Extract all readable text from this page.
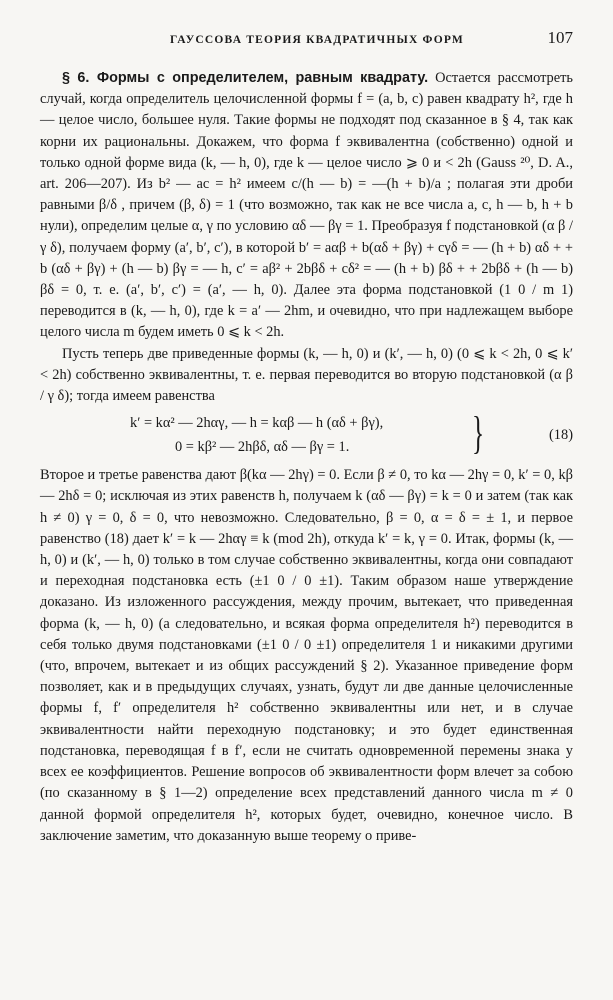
ГАУССОВА ТЕОРИЯ КВАДРАТИЧНЫХ ФОРМ	107

§ 6. Формы с определителем, равным квадрату. Остается рассмотреть случай, когда определитель целочисленной формы f = (a, b, c) равен квадрату h², где h — целое число, большее нуля. Такие формы не подходят под сказанное в § 4, так как корни их рациональны. Докажем, что форма f эквивалентна (собственно) одной и только одной форме вида (k, — h, 0), где k — целое число ⩾ 0 и < 2h (Gauss ²⁰, D. A., art. 206—207). Из b² — ac = h² имеем c/(h — b) = —(h + b)/a ; полагая эти дроби равными β/δ , причем (β, δ) = 1 (что возможно, так как не все числа a, c, h — b, h + b нули), определим целые α, γ по условию αδ — βγ = 1. Преобразуя f подстановкой (α β / γ δ), получаем форму (a′, b′, c′), в которой b′ = aαβ + b(αδ + βγ) + cγδ = — (h + b) αδ + + b (αδ + βγ) + (h — b) βγ = — h, c′ = aβ² + 2bβδ + cδ² = — (h + b) βδ + + 2bβδ + (h — b) βδ = 0, т. е. (a′, b′, c′) = (a′, — h, 0). Далее эта форма подстановкой (1 0 / m 1) переводится в (k, — h, 0), где k = a′ — 2hm, и очевидно, что при надлежащем выборе целого числа m будем иметь 0 ⩽ k < 2h.

Пусть теперь две приведенные формы (k, — h, 0) и (k′, — h, 0) (0 ⩽ k < 2h, 0 ⩽ k′ < 2h) собственно эквивалентны, т. е. первая переводится во вторую подстановкой (α β / γ δ); тогда имеем равенства

k′ = kα² — 2hαγ, — h = kαβ — h (αδ + βγ),
0 = kβ² — 2hβδ, αδ — βγ = 1.	}	(18)

Второе и третье равенства дают β(kα — 2hγ) = 0. Если β ≠ 0, то kα — 2hγ = 0, k′ = 0, kβ — 2hδ = 0; исключая из этих равенств h, получаем k (αδ — βγ) = k = 0 и затем (так как h ≠ 0) γ = 0, δ = 0, что невозможно. Следовательно, β = 0, α = δ = ± 1, и первое равенство (18) дает k′ = k — 2hαγ ≡ k (mod 2h), откуда k′ = k, γ = 0. Итак, формы (k, — h, 0) и (k′, — h, 0) только в том случае собственно эквивалентны, когда они совпадают и переходная подстановка есть (±1 0 / 0 ±1). Таким образом наше утверждение доказано. Из изложенного рассуждения, между прочим, вытекает, что приведенная форма (k, — h, 0) (а следовательно, и всякая форма определителя h²) переводится в себя только двумя подстановками (±1 0 / 0 ±1) определителя 1 и никакими другими (что, впрочем, вытекает и из общих рассуждений § 2). Указанное приведение форм позволяет, как и в предыдущих случаях, узнать, будут ли две данные целочисленные формы f, f′ определителя h² собственно эквивалентны или нет, и в случае эквивалентности найти переходную подстановку; и это будет единственная подстановка, переводящая f в f′, если не считать одновременной перемены знака у всех ее коэффициентов. Решение вопросов об эквивалентности форм влечет за собою (по сказанному в § 1—2) определение всех представлений данного числа m ≠ 0 данной формой определителя h², которых будет, очевидно, конечное число. В заключение заметим, что доказанную выше теорему о приве-
